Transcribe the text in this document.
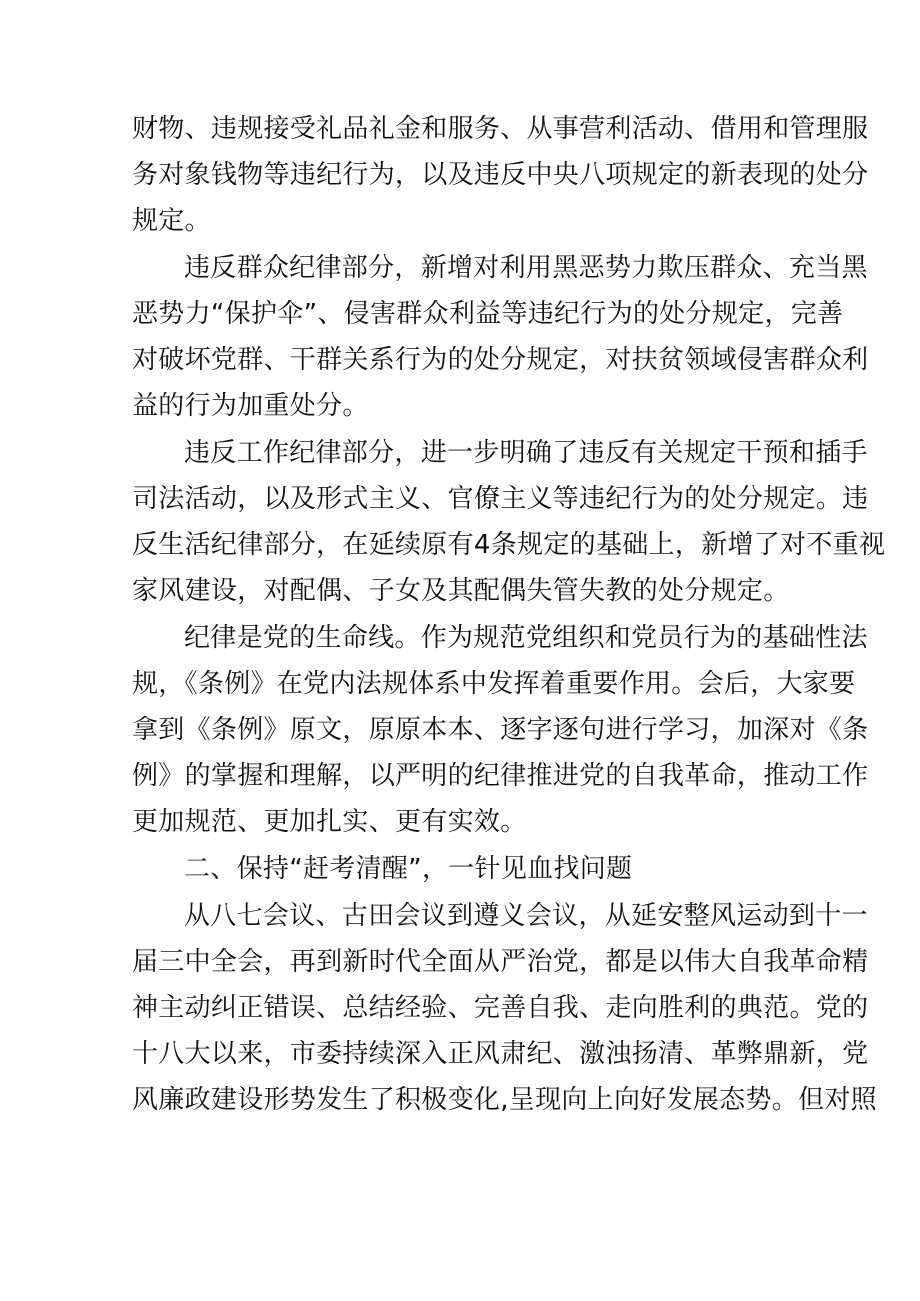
财物、违规接受礼品礼金和服务、从事营利活动、借用和管理服
务对象钱物等违纪行为，以及违反中央八项规定的新表现的处分
规定。

违反群众纪律部分，新增对利用黑恶势力欺压群众、充当黑
恶势力“保护伞”、侵害群众利益等违纪行为的处分规定，完善
对破坏党群、干群关系行为的处分规定，对扶贫领域侵害群众利
益的行为加重处分。

违反工作纪律部分，进一步明确了违反有关规定干预和插手
司法活动，以及形式主义、官僚主义等违纪行为的处分规定。违
反生活纪律部分，在延续原有4条规定的基础上，新增了对不重视
家风建设，对配偶、子女及其配偶失管失教的处分规定。

纪律是党的生命线。作为规范党组织和党员行为的基础性法
规，《条例》在党内法规体系中发挥着重要作用。会后，大家要
拿到《条例》原文，原原本本、逐字逐句进行学习，加深对《条
例》的掌握和理解，以严明的纪律推进党的自我革命，推动工作
更加规范、更加扎实、更有实效。

二、保持“赶考清醒”，一针见血找问题

从八七会议、古田会议到遵义会议，从延安整风运动到十一
届三中全会，再到新时代全面从严治党，都是以伟大自我革命精
神主动纠正错误、总结经验、完善自我、走向胜利的典范。党的
十八大以来，市委持续深入正风肃纪、激浊扬清、革弊鼎新，党
风廉政建设形势发生了积极变化,呈现向上向好发展态势。但对照
